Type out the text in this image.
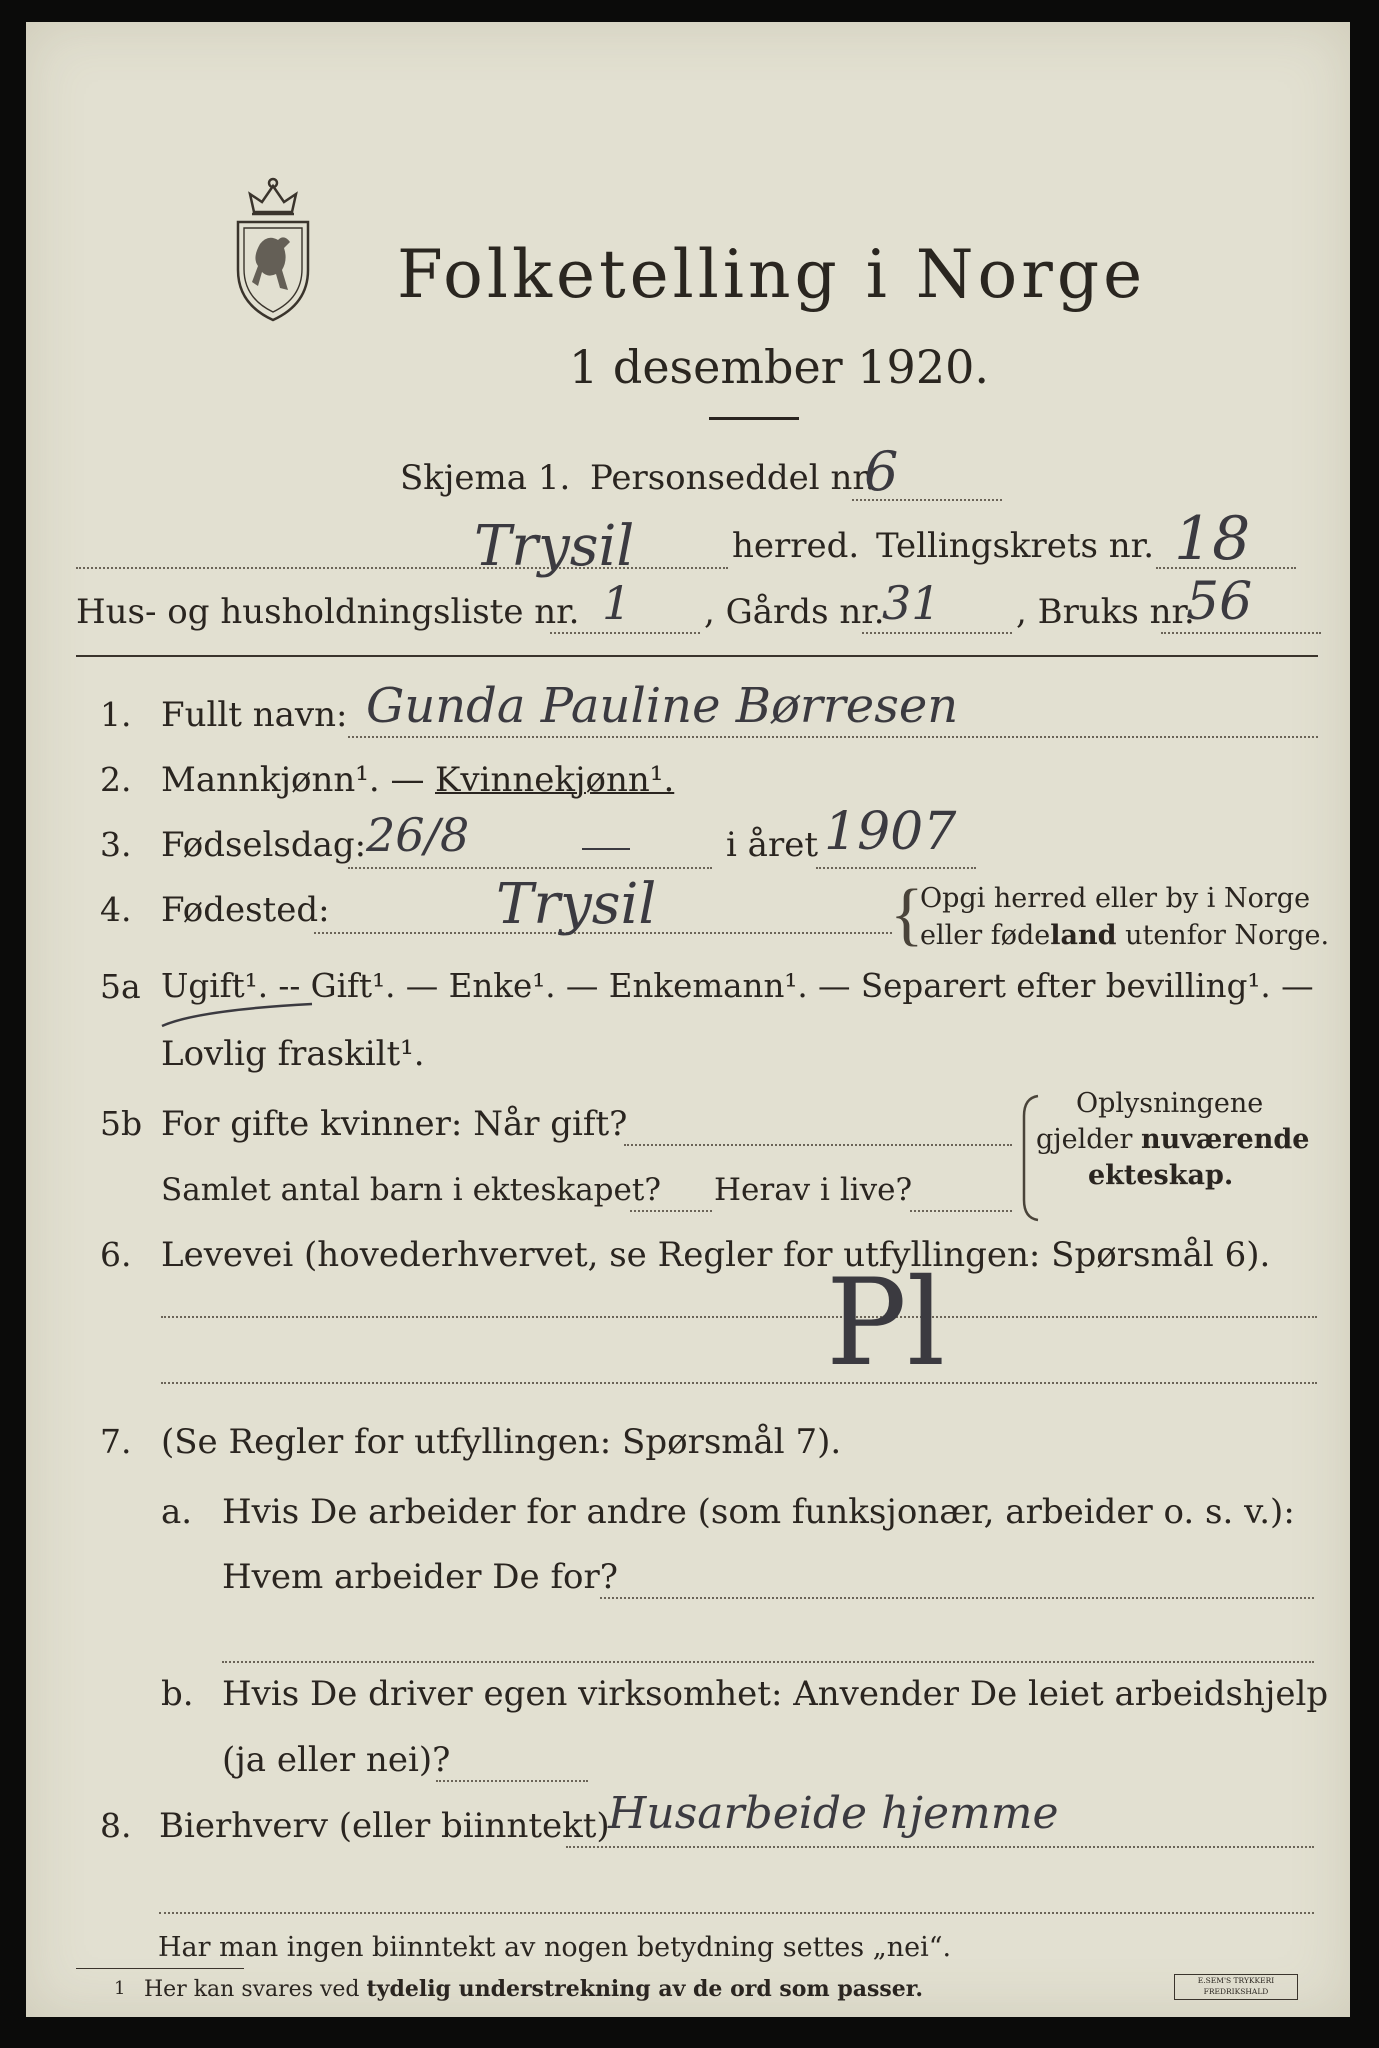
Folketelling i Norge
1 desember 1920.
Skjema 1. Personseddel nr.
6
Trysil	herred. Tellingskrets nr. 18
Hus- og husholdningsliste nr. 1 , Gårds nr.
31 , Bruks nr.
56
1. Fullt navn: Gunda Pauline Børresen
2. Mannkjønn¹. — Kvinnekjønn¹.
3. Fødselsdag: 26/8	i året 1907
4. Fødested:	Trysil	{
Opgi herred eller by i Norge
eller fødeland utenfor Norge.
5a Ugift¹. -- Gift¹. — Enke¹. — Enkemann¹. — Separert efter bevilling¹. —
Lovlig fraskilt¹.
5b For gifte kvinner: Når gift?
Samlet antal barn i ekteskapet? Herav i live?
Oplysningene
gjelder nuværende
ekteskap.
6. Levevei (hovederhvervet, se Regler for utfyllingen: Spørsmål 6).
Pl
7. (Se Regler for utfyllingen: Spørsmål 7).
a. Hvis De arbeider for andre (som funksjonær, arbeider o. s. v.):
Hvem arbeider De for?
b. Hvis De driver egen virksomhet: Anvender De leiet arbeidshjelp
(ja eller nei)?
8. Bierhverv (eller biinntekt)
Husarbeide hjemme
Har man ingen biinntekt av nogen betydning settes „nei“.
1 Her kan svares ved tydelig understrekning av de ord som passer.	E.SEM'S TRYKKERI
FREDRIKSHALD
